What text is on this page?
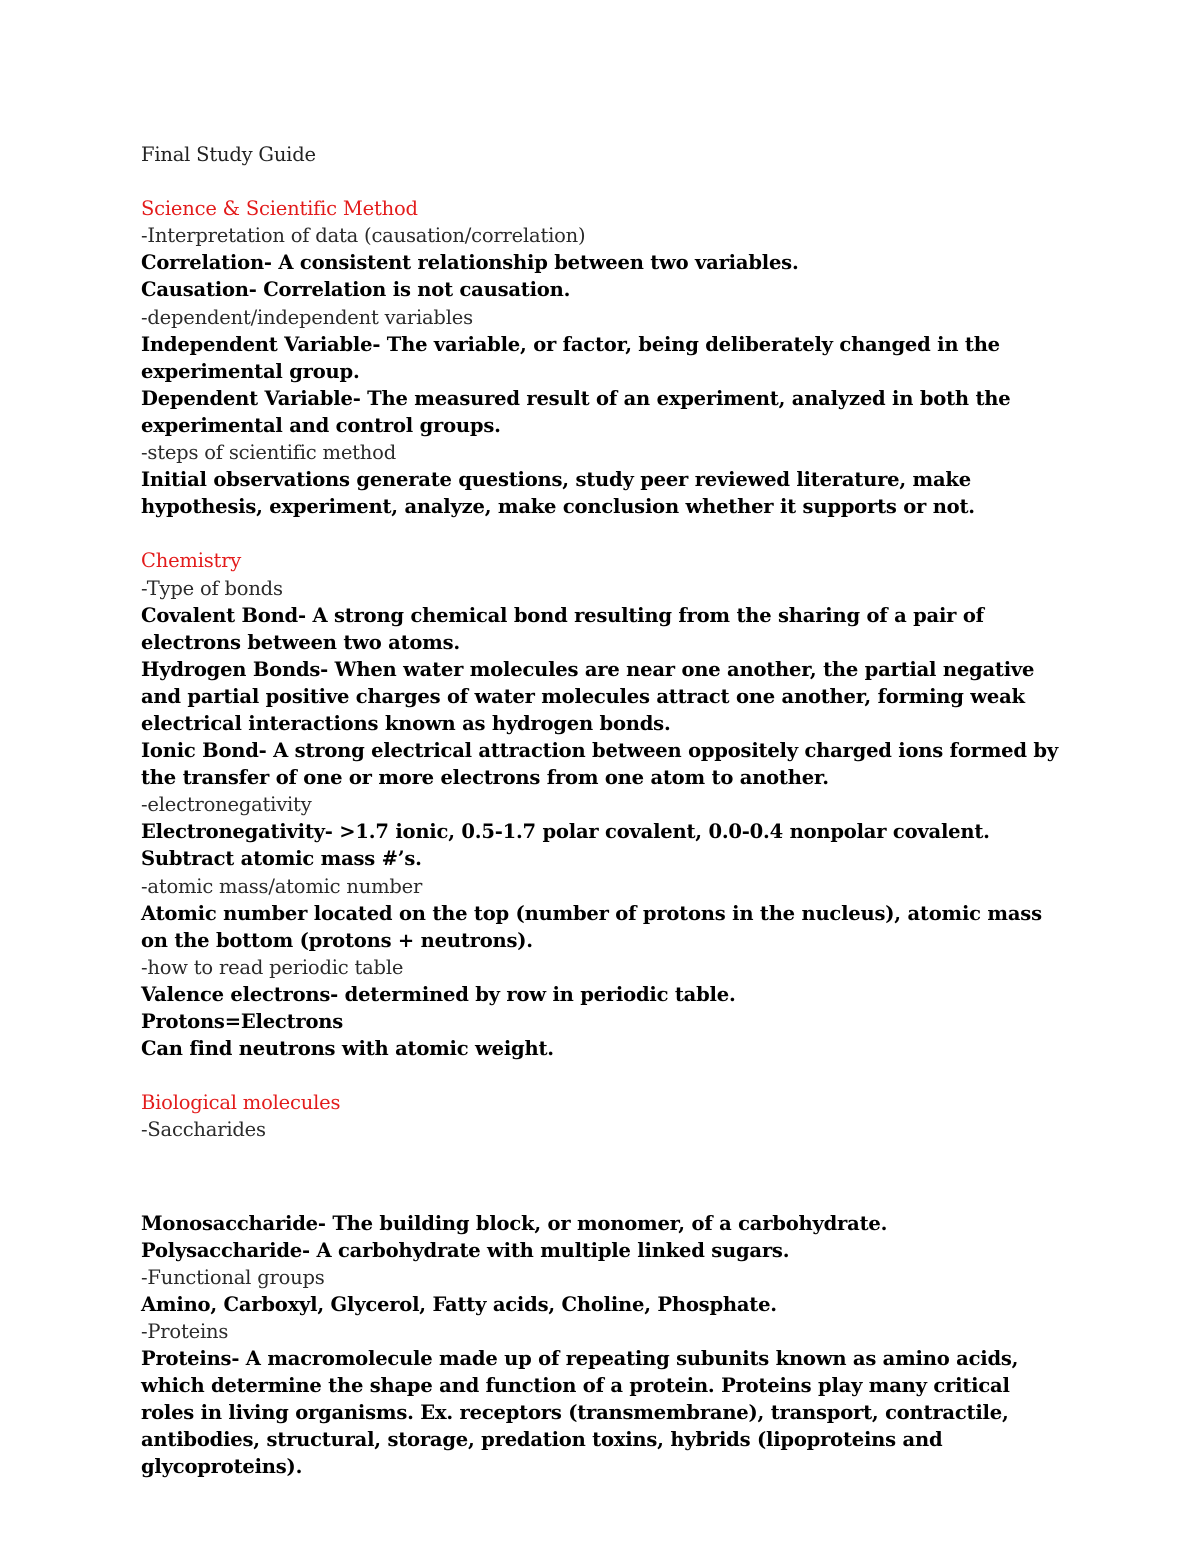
Final Study Guide

Science & Scientific Method

-Interpretation of data (causation/correlation)

Correlation- A consistent relationship between two variables.

Causation- Correlation is not causation.

-dependent/independent variables

Independent Variable- The variable, or factor, being deliberately changed in the experimental group.

Dependent Variable- The measured result of an experiment, analyzed in both the experimental and control groups.

-steps of scientific method

Initial observations generate questions, study peer reviewed literature, make hypothesis, experiment, analyze, make conclusion whether it supports or not.

Chemistry

-Type of bonds

Covalent Bond- A strong chemical bond resulting from the sharing of a pair of electrons between two atoms.

Hydrogen Bonds- When water molecules are near one another, the partial negative and partial positive charges of water molecules attract one another, forming weak electrical interactions known as hydrogen bonds.

Ionic Bond- A strong electrical attraction between oppositely charged ions formed by the transfer of one or more electrons from one atom to another.

-electronegativity

Electronegativity- >1.7 ionic, 0.5-1.7 polar covalent, 0.0-0.4 nonpolar covalent. Subtract atomic mass #’s.

-atomic mass/atomic number

Atomic number located on the top (number of protons in the nucleus), atomic mass on the bottom (protons + neutrons).

-how to read periodic table

Valence electrons- determined by row in periodic table.

Protons=Electrons

Can find neutrons with atomic weight.

Biological molecules

-Saccharides

Monosaccharide- The building block, or monomer, of a carbohydrate.

Polysaccharide- A carbohydrate with multiple linked sugars.

-Functional groups

Amino, Carboxyl, Glycerol, Fatty acids, Choline, Phosphate.

-Proteins

Proteins- A macromolecule made up of repeating subunits known as amino acids, which determine the shape and function of a protein. Proteins play many critical roles in living organisms. Ex. receptors (transmembrane), transport, contractile, antibodies, structural, storage, predation toxins, hybrids (lipoproteins and glycoproteins).
